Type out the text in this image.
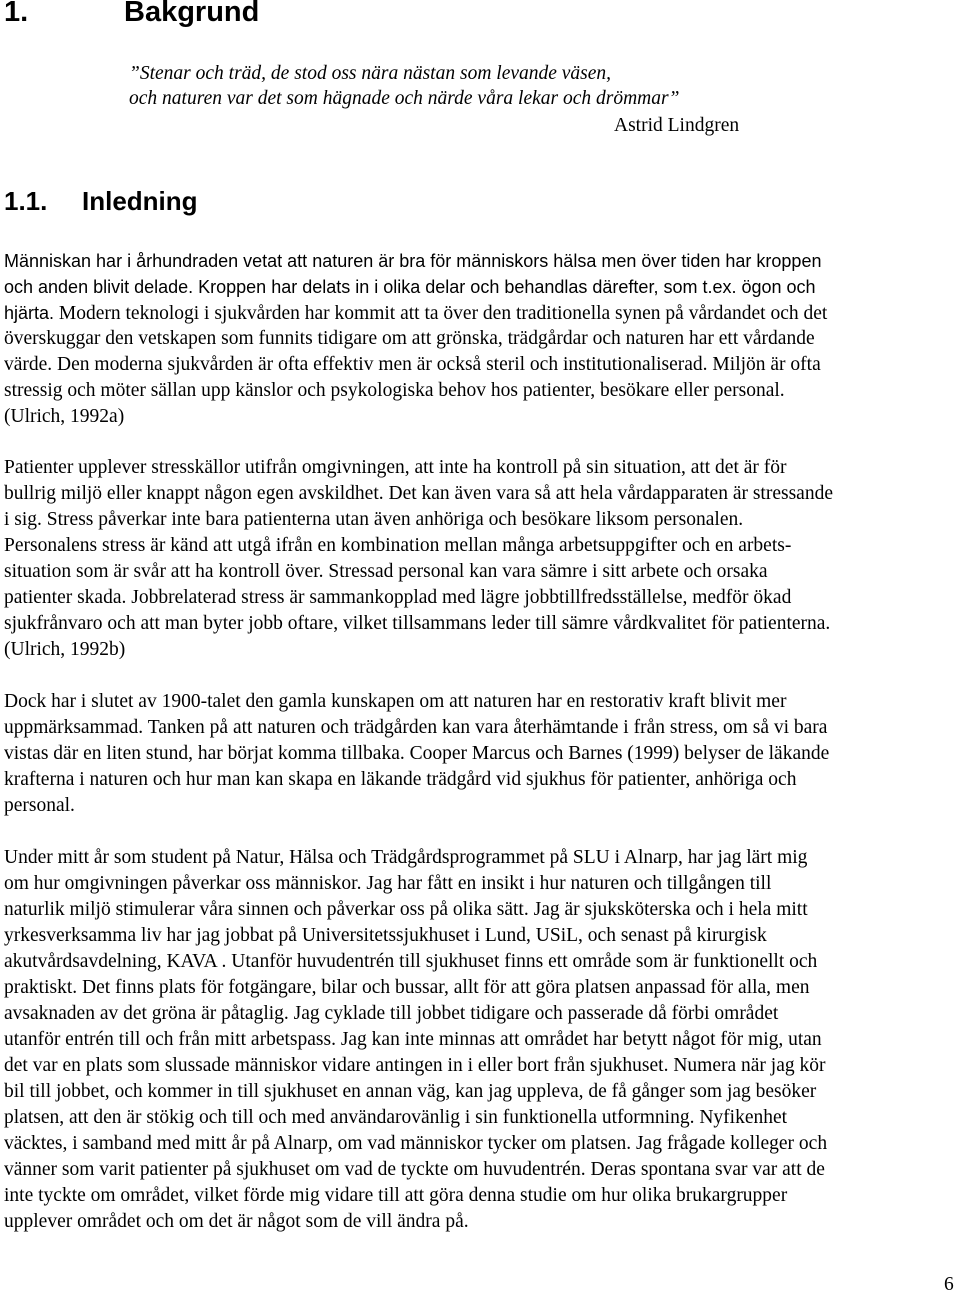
1.	Bakgrund
”Stenar och träd, de stod oss nära nästan som levande väsen,
och naturen var det som hägnade och närde våra lekar och drömmar”
Astrid Lindgren
1.1. Inledning
Människan har i århundraden vetat att naturen är bra för människors hälsa men över tiden har kroppen
och anden blivit delade. Kroppen har delats in i olika delar och behandlas därefter, som t.ex. ögon och
hjärta. Modern teknologi i sjukvården har kommit att ta över den traditionella synen på vårdandet och det
överskuggar den vetskapen som funnits tidigare om att grönska, trädgårdar och naturen har ett vårdande
värde. Den moderna sjukvården är ofta effektiv men är också steril och institutionaliserad. Miljön är ofta
stressig och möter sällan upp känslor och psykologiska behov hos patienter, besökare eller personal.
(Ulrich, 1992a)
Patienter upplever stresskällor utifrån omgivningen, att inte ha kontroll på sin situation, att det är för
bullrig miljö eller knappt någon egen avskildhet. Det kan även vara så att hela vårdapparaten är stressande
i sig. Stress påverkar inte bara patienterna utan även anhöriga och besökare liksom personalen.
Personalens stress är känd att utgå ifrån en kombination mellan många arbetsuppgifter och en arbets-
situation som är svår att ha kontroll över. Stressad personal kan vara sämre i sitt arbete och orsaka
patienter skada. Jobbrelaterad stress är sammankopplad med lägre jobbtillfredsställelse, medför ökad
sjukfrånvaro och att man byter jobb oftare, vilket tillsammans leder till sämre vårdkvalitet för patienterna.
(Ulrich, 1992b)
Dock har i slutet av 1900-talet den gamla kunskapen om att naturen har en restorativ kraft blivit mer
uppmärksammad. Tanken på att naturen och trädgården kan vara återhämtande i från stress, om så vi bara
vistas där en liten stund, har börjat komma tillbaka. Cooper Marcus och Barnes (1999) belyser de läkande
krafterna i naturen och hur man kan skapa en läkande trädgård vid sjukhus för patienter, anhöriga och
personal.
Under mitt år som student på Natur, Hälsa och Trädgårdsprogrammet på SLU i Alnarp, har jag lärt mig
om hur omgivningen påverkar oss människor. Jag har fått en insikt i hur naturen och tillgången till
naturlik miljö stimulerar våra sinnen och påverkar oss på olika sätt. Jag är sjuksköterska och i hela mitt
yrkesverksamma liv har jag jobbat på Universitetssjukhuset i Lund, USiL, och senast på kirurgisk
akutvårdsavdelning, KAVA . Utanför huvudentrén till sjukhuset finns ett område som är funktionellt och
praktiskt. Det finns plats för fotgängare, bilar och bussar, allt för att göra platsen anpassad för alla, men
avsaknaden av det gröna är påtaglig. Jag cyklade till jobbet tidigare och passerade då förbi området
utanför entrén till och från mitt arbetspass. Jag kan inte minnas att området har betytt något för mig, utan
det var en plats som slussade människor vidare antingen in i eller bort från sjukhuset. Numera när jag kör
bil till jobbet, och kommer in till sjukhuset en annan väg, kan jag uppleva, de få gånger som jag besöker
platsen, att den är stökig och till och med användarovänlig i sin funktionella utformning. Nyfikenhet
väcktes, i samband med mitt år på Alnarp, om vad människor tycker om platsen. Jag frågade kolleger och
vänner som varit patienter på sjukhuset om vad de tyckte om huvudentrén. Deras spontana svar var att de
inte tyckte om området, vilket förde mig vidare till att göra denna studie om hur olika brukargrupper
upplever området och om det är något som de vill ändra på.
6
